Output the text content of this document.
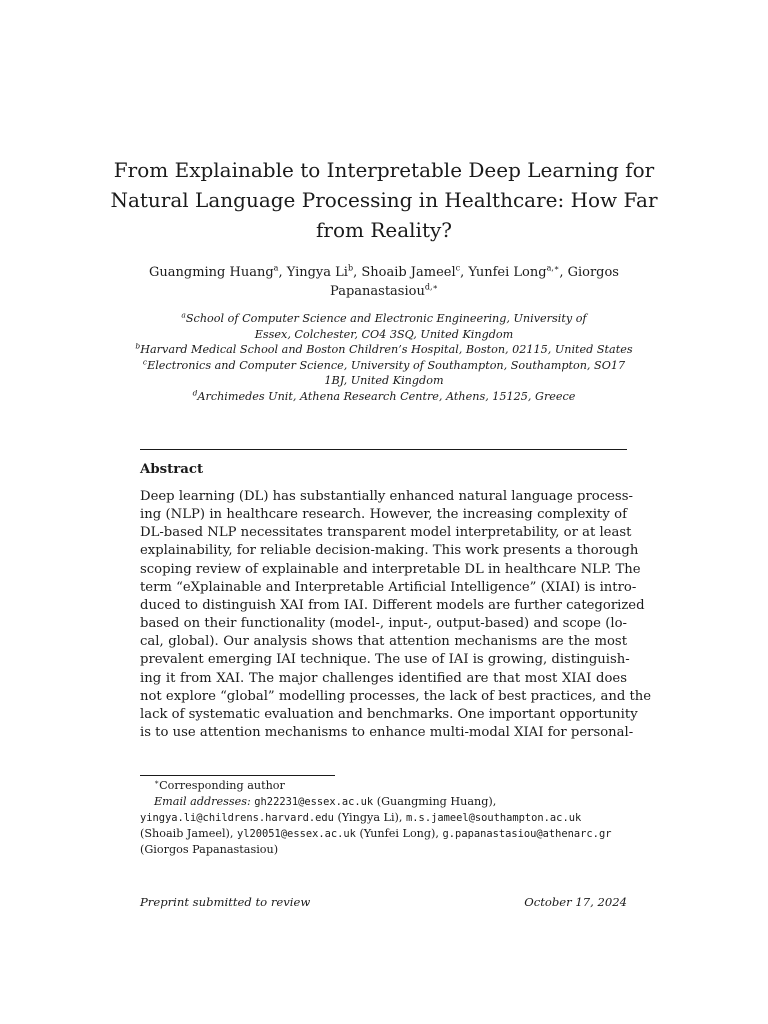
From Explainable to Interpretable Deep Learning for
Natural Language Processing in Healthcare: How Far
from Reality?
Guangming Huang$^a$, Yingya Li$^b$, Shoaib Jameel$^c$, Yunfei Long$^{a,∗}$, Giorgos
Papanastasiou$^{d,∗}$
$^a$School of Computer Science and Electronic Engineering, University of
Essex, Colchester, CO4 3SQ, United Kingdom
$^b$Harvard Medical School and Boston Children’s Hospital, Boston, 02115, United States
$^c$Electronics and Computer Science, University of Southampton, Southampton, SO17
1BJ, United Kingdom
$^d$Archimedes Unit, Athena Research Centre, Athens, 15125, Greece
Abstract
Deep learning (DL) has substantially enhanced natural language process-
ing (NLP) in healthcare research. However, the increasing complexity of
DL-based NLP necessitates transparent model interpretability, or at least
explainability, for reliable decision-making. This work presents a thorough
scoping review of explainable and interpretable DL in healthcare NLP. The
term “eXplainable and Interpretable Artificial Intelligence” (XIAI) is intro-
duced to distinguish XAI from IAI. Different models are further categorized
based on their functionality (model-, input-, output-based) and scope (lo-
cal, global). Our analysis shows that attention mechanisms are the most
prevalent emerging IAI technique. The use of IAI is growing, distinguish-
ing it from XAI. The major challenges identified are that most XIAI does
not explore “global” modelling processes, the lack of best practices, and the
lack of systematic evaluation and benchmarks. One important opportunity
is to use attention mechanisms to enhance multi-modal XIAI for personal-
∗Corresponding author
Email addresses: gh22231@essex.ac.uk (Guangming Huang),
yingya.li@childrens.harvard.edu (Yingya Li), m.s.jameel@southampton.ac.uk
(Shoaib Jameel), yl20051@essex.ac.uk (Yunfei Long), g.papanastasiou@athenarc.gr
(Giorgos Papanastasiou)
Preprint submitted to review	October 17, 2024
